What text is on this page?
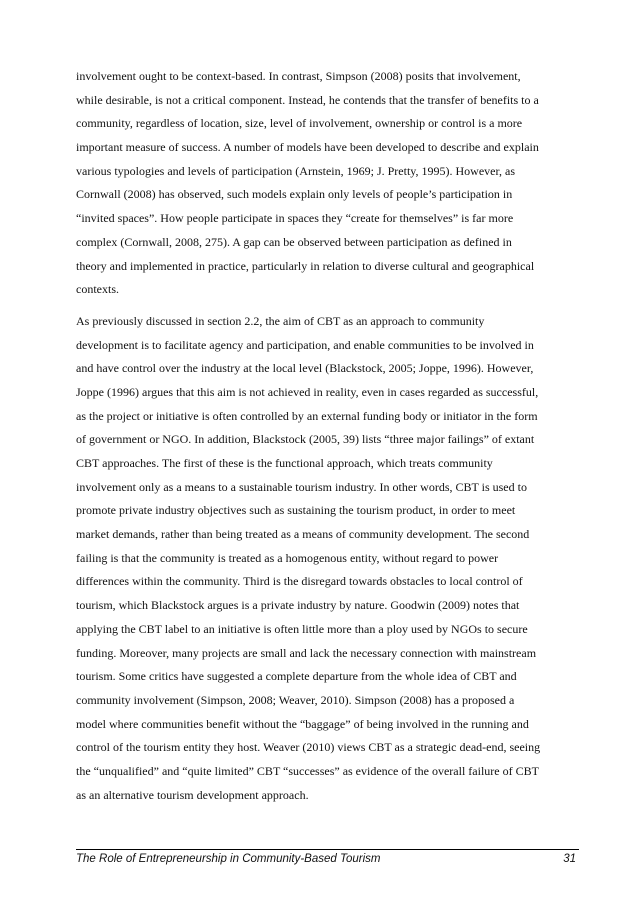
involvement ought to be context-based. In contrast, Simpson (2008) posits that involvement,
while desirable, is not a critical component. Instead, he contends that the transfer of benefits to a
community, regardless of location, size, level of involvement, ownership or control is a more
important measure of success. A number of models have been developed to describe and explain
various typologies and levels of participation (Arnstein, 1969; J. Pretty, 1995). However, as
Cornwall (2008) has observed, such models explain only levels of people’s participation in
“invited spaces”. How people participate in spaces they “create for themselves” is far more
complex (Cornwall, 2008, 275). A gap can be observed between participation as defined in
theory and implemented in practice, particularly in relation to diverse cultural and geographical
contexts.

As previously discussed in section 2.2, the aim of CBT as an approach to community
development is to facilitate agency and participation, and enable communities to be involved in
and have control over the industry at the local level (Blackstock, 2005; Joppe, 1996). However,
Joppe (1996) argues that this aim is not achieved in reality, even in cases regarded as successful,
as the project or initiative is often controlled by an external funding body or initiator in the form
of government or NGO. In addition, Blackstock (2005, 39) lists “three major failings” of extant
CBT approaches. The first of these is the functional approach, which treats community
involvement only as a means to a sustainable tourism industry. In other words, CBT is used to
promote private industry objectives such as sustaining the tourism product, in order to meet
market demands, rather than being treated as a means of community development. The second
failing is that the community is treated as a homogenous entity, without regard to power
differences within the community. Third is the disregard towards obstacles to local control of
tourism, which Blackstock argues is a private industry by nature. Goodwin (2009) notes that
applying the CBT label to an initiative is often little more than a ploy used by NGOs to secure
funding. Moreover, many projects are small and lack the necessary connection with mainstream
tourism. Some critics have suggested a complete departure from the whole idea of CBT and
community involvement (Simpson, 2008; Weaver, 2010). Simpson (2008) has a proposed a
model where communities benefit without the “baggage” of being involved in the running and
control of the tourism entity they host. Weaver (2010) views CBT as a strategic dead-end, seeing
the “unqualified” and “quite limited” CBT “successes” as evidence of the overall failure of CBT
as an alternative tourism development approach.

The Role of Entrepreneurship in Community-Based Tourism	31
